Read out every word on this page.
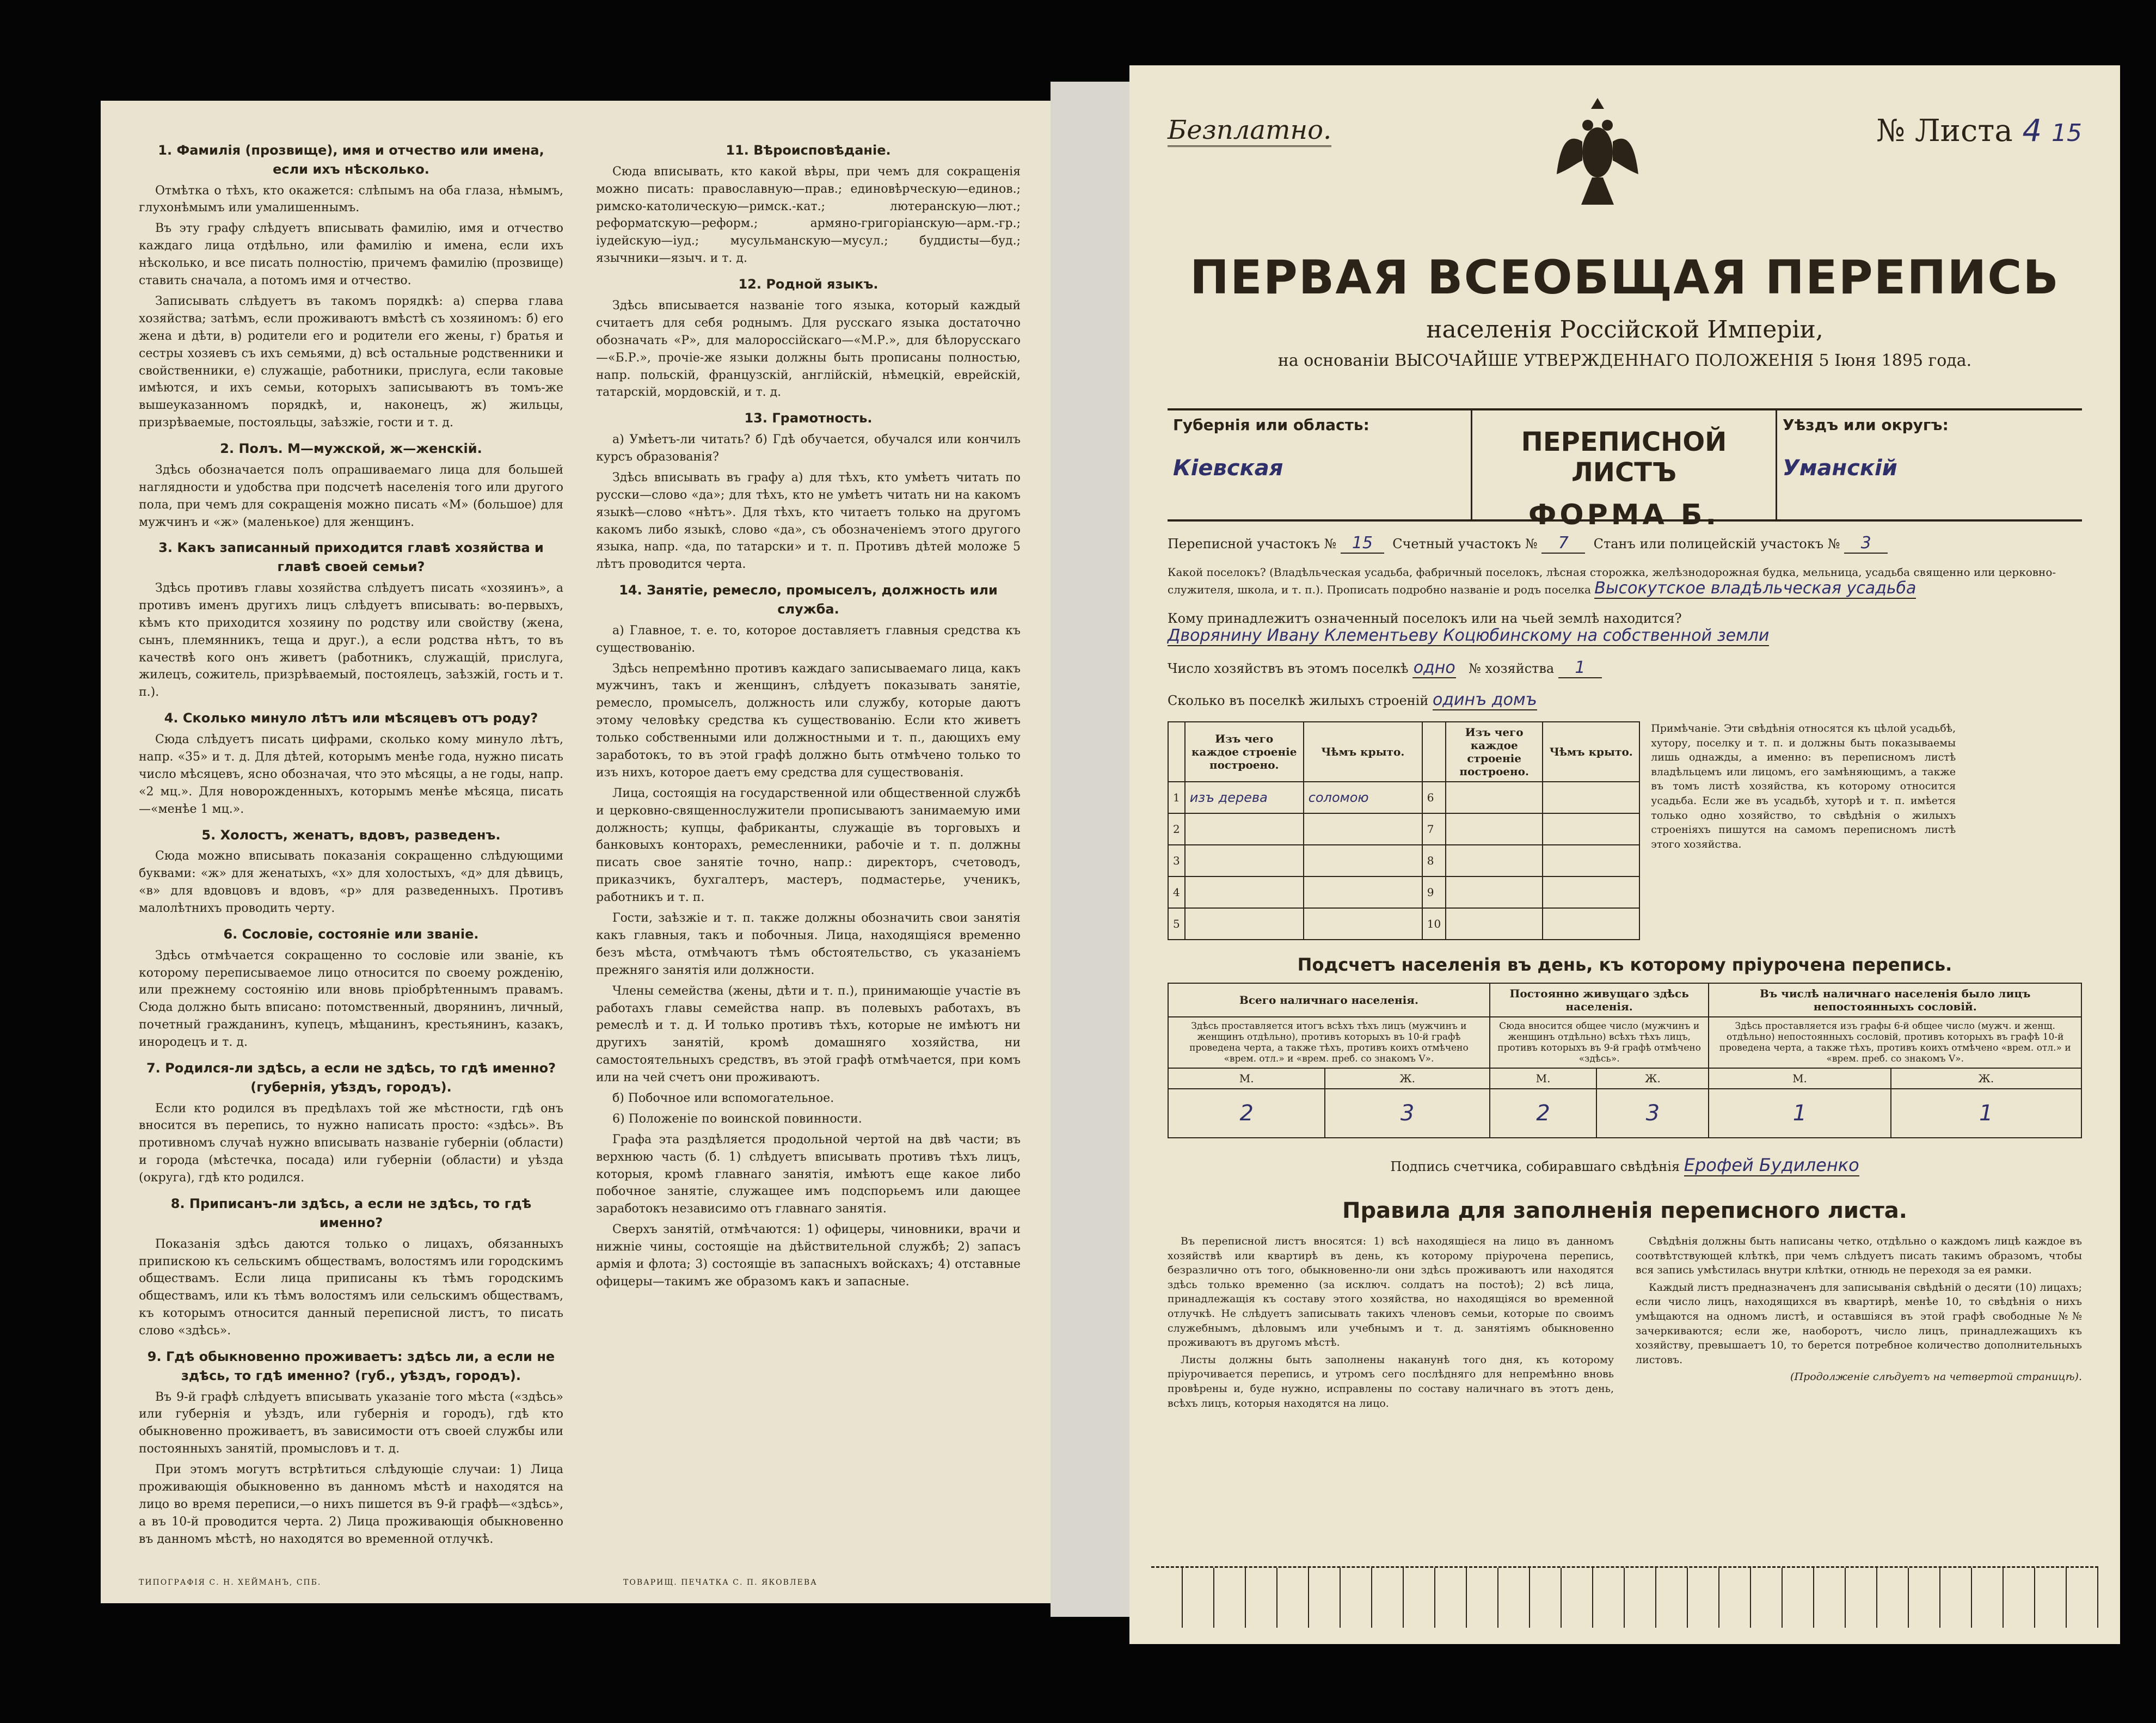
1. Фамилія (прозвище), имя и отчество или имена, если ихъ нѣсколько.

Отмѣтка о тѣхъ, кто окажется: слѣпымъ на оба глаза, нѣмымъ, глухонѣмымъ или умалишеннымъ.

Въ эту графу слѣдуетъ вписывать фамилію, имя и отчество каждаго лица отдѣльно, или фамилію и имена, если ихъ нѣсколько, и все писать полностію, причемъ фамилію (прозвище) ставить сначала, а потомъ имя и отчество.

Записывать слѣдуетъ въ такомъ порядкѣ: а) сперва глава хозяйства; затѣмъ, если проживаютъ вмѣстѣ съ хозяиномъ: б) его жена и дѣти, в) родители его и родители его жены, г) братья и сестры хозяевъ съ ихъ семьями, д) всѣ остальные родственники и свойственники, е) служащіе, работники, прислуга, если таковые имѣются, и ихъ семьи, которыхъ записываютъ въ томъ-же вышеуказанномъ порядкѣ, и, наконецъ, ж) жильцы, призрѣваемые, постояльцы, заѣзжіе, гости и т. д.

2. Полъ. М—мужской, ж—женскій.

Здѣсь обозначается полъ опрашиваемаго лица для большей наглядности и удобства при подсчетѣ населенія того или другого пола, при чемъ для сокращенія можно писать «М» (большое) для мужчинъ и «ж» (маленькое) для женщинъ.

3. Какъ записанный приходится главѣ хозяйства и главѣ своей семьи?

Здѣсь противъ главы хозяйства слѣдуетъ писать «хозяинъ», а противъ именъ другихъ лицъ слѣдуетъ вписывать: во-первыхъ, кѣмъ кто приходится хозяину по родству или свойству (жена, сынъ, племянникъ, теща и друг.), а если родства нѣтъ, то въ качествѣ кого онъ живетъ (работникъ, служащій, прислуга, жилецъ, сожитель, призрѣваемый, постоялецъ, заѣзжій, гость и т. п.).

4. Сколько минуло лѣтъ или мѣсяцевъ отъ роду?

Сюда слѣдуетъ писать цифрами, сколько кому минуло лѣтъ, напр. «35» и т. д. Для дѣтей, которымъ менѣе года, нужно писать число мѣсяцевъ, ясно обозначая, что это мѣсяцы, а не годы, напр. «2 мц.». Для новорожденныхъ, которымъ менѣе мѣсяца, писать—«менѣе 1 мц.».

5. Холостъ, женатъ, вдовъ, разведенъ.

Сюда можно вписывать показанія сокращенно слѣдующими буквами: «ж» для женатыхъ, «х» для холостыхъ, «д» для дѣвицъ, «в» для вдовцовъ и вдовъ, «р» для разведенныхъ. Противъ малолѣтнихъ проводить черту.

6. Сословіе, состояніе или званіе.

Здѣсь отмѣчается сокращенно то сословіе или званіе, къ которому переписываемое лицо относится по своему рожденію, или прежнему состоянію или вновь пріобрѣтеннымъ правамъ. Сюда должно быть вписано: потомственный, дворянинъ, личный, почетный гражданинъ, купецъ, мѣщанинъ, крестьянинъ, казакъ, инородецъ и т. д.

7. Родился-ли здѣсь, а если не здѣсь, то гдѣ именно? (губернія, уѣздъ, городъ).

Если кто родился въ предѣлахъ той же мѣстности, гдѣ онъ вносится въ перепись, то нужно написать просто: «здѣсь». Въ противномъ случаѣ нужно вписывать названіе губерніи (области) и города (мѣстечка, посада) или губерніи (области) и уѣзда (округа), гдѣ кто родился.

8. Приписанъ-ли здѣсь, а если не здѣсь, то гдѣ именно?

Показанія здѣсь даются только о лицахъ, обязанныхъ припискою къ сельскимъ обществамъ, волостямъ или городскимъ обществамъ. Если лица приписаны къ тѣмъ городскимъ обществамъ, или къ тѣмъ волостямъ или сельскимъ обществамъ, къ которымъ относится данный переписной листъ, то писать слово «здѣсь».

9. Гдѣ обыкновенно проживаетъ: здѣсь ли, а если не здѣсь, то гдѣ именно? (губ., уѣздъ, городъ).

Въ 9-й графѣ слѣдуетъ вписывать указаніе того мѣста («здѣсь» или губернія и уѣздъ, или губернія и городъ), гдѣ кто обыкновенно проживаетъ, въ зависимости отъ своей службы или постоянныхъ занятій, промысловъ и т. д.

При этомъ могутъ встрѣтиться слѣдующіе случаи: 1) Лица проживающія обыкновенно въ данномъ мѣстѣ и находятся на лицо во время переписи,—о нихъ пишется въ 9-й графѣ—«здѣсь», а въ 10-й проводится черта. 2) Лица проживающія обыкновенно въ данномъ мѣстѣ, но находятся во временной отлучкѣ.

11. Вѣроисповѣданіе.

Сюда вписывать, кто какой вѣры, при чемъ для сокращенія можно писать: православную—прав.; единовѣрческую—единов.; римско-католическую—римск.-кат.; лютеранскую—лют.; реформатскую—реформ.; армяно-григоріанскую—арм.-гр.; іудейскую—іуд.; мусульманскую—мусул.; буддисты—буд.; язычники—языч. и т. д.

12. Родной языкъ.

Здѣсь вписывается названіе того языка, который каждый считаетъ для себя роднымъ. Для русскаго языка достаточно обозначать «Р», для малороссійскаго—«М.Р.», для бѣлорусскаго—«Б.Р.», прочіе-же языки должны быть прописаны полностью, напр. польскій, французскій, англійскій, нѣмецкій, еврейскій, татарскій, мордовскій, и т. д.

13. Грамотность.

а) Умѣетъ-ли читать? б) Гдѣ обучается, обучался или кончилъ курсъ образованія?

Здѣсь вписывать въ графу а) для тѣхъ, кто умѣетъ читать по русски—слово «да»; для тѣхъ, кто не умѣетъ читать ни на какомъ языкѣ—слово «нѣтъ». Для тѣхъ, кто читаетъ только на другомъ какомъ либо языкѣ, слово «да», съ обозначеніемъ этого другого языка, напр. «да, по татарски» и т. п. Противъ дѣтей моложе 5 лѣтъ проводится черта.

14. Занятіе, ремесло, промыселъ, должность или служба.

а) Главное, т. е. то, которое доставляетъ главныя средства къ существованію.

Здѣсь непремѣнно противъ каждаго записываемаго лица, какъ мужчинъ, такъ и женщинъ, слѣдуетъ показывать занятіе, ремесло, промыселъ, должность или службу, которые даютъ этому человѣку средства къ существованію. Если кто живетъ только собственными или должностными и т. п., дающихъ ему заработокъ, то въ этой графѣ должно быть отмѣчено только то изъ нихъ, которое даетъ ему средства для существованія.

Лица, состоящія на государственной или общественной службѣ и церковно-священнослужители прописываютъ занимаемую ими должность; купцы, фабриканты, служащіе въ торговыхъ и банковыхъ конторахъ, ремесленники, рабочіе и т. п. должны писать свое занятіе точно, напр.: директоръ, счетоводъ, приказчикъ, бухгалтеръ, мастеръ, подмастерье, ученикъ, работникъ и т. п.

Гости, заѣзжіе и т. п. также должны обозначить свои занятія какъ главныя, такъ и побочныя. Лица, находящіяся временно безъ мѣста, отмѣчаютъ тѣмъ обстоятельство, съ указаніемъ прежняго занятія или должности.

Члены семейства (жены, дѣти и т. п.), принимающіе участіе въ работахъ главы семейства напр. въ полевыхъ работахъ, въ ремеслѣ и т. д. И только противъ тѣхъ, которые не имѣютъ ни другихъ занятій, кромѣ домашняго хозяйства, ни самостоятельныхъ средствъ, въ этой графѣ отмѣчается, при комъ или на чей счетъ они проживаютъ.

б) Побочное или вспомогательное.

6) Положеніе по воинской повинности.

Графа эта раздѣляется продольной чертой на двѣ части; въ верхнюю часть (б. 1) слѣдуетъ вписывать противъ тѣхъ лицъ, которыя, кромѣ главнаго занятія, имѣютъ еще какое либо побочное занятіе, служащее имъ подспорьемъ или дающее заработокъ независимо отъ главнаго занятія.

Сверхъ занятій, отмѣчаются: 1) офицеры, чиновники, врачи и нижніе чины, состоящіе на дѣйствительной службѣ; 2) запасъ армія и флота; 3) состоящіе въ запасныхъ войскахъ; 4) отставные офицеры—такимъ же образомъ какъ и запасные.

ТИПОГРАФІЯ С. Н. ХЕЙМАНЪ, СПБ.	ТОВАРИЩ. ПЕЧАТКА С. П. ЯКОВЛЕВА
Безплатно.	№ Листа 4 15
ПЕРВАЯ ВСЕОБЩАЯ ПЕРЕПИСЬ
населенія Россійской Имперіи,
на основаніи ВЫСОЧАЙШЕ УТВЕРЖДЕННАГО ПОЛОЖЕНІЯ 5 Іюня 1895 года.
Губернія или область:
Кіевская
ПЕРЕПИСНОЙ ЛИСТЪ
ФОРМА Б.
Уѣздъ или округъ:
Уманскій
Переписной участокъ № 15 Счетный участокъ № 7 Станъ или полицейскій участокъ № 3
Какой поселокъ? (Владѣльческая усадьба, фабричный поселокъ, лѣсная сторожка, желѣзнодорожная будка, мельница, усадьба священно или церковно-служителя, школа, и т. п.). Прописать подробно названіе и родъ поселка Высокутское владѣльческая усадьба
Кому принадлежитъ означенный поселокъ или на чьей землѣ находится? Дворянину Ивану Клементьеву Коцюбинскому на собственной земли
Число хозяйствъ въ этомъ поселкѣ одно № хозяйства 1
Сколько въ поселкѣ жилыхъ строеній одинъ домъ
	Изъ чего каждое строеніе построено.	Чѣмъ крыто.		Изъ чего каждое строеніе построено.	Чѣмъ крыто.
1	изъ дерева	соломою	6		
2			7		
3			8		
4			9		
5			10		
Примѣчаніе. Эти свѣдѣнія относятся къ цѣлой усадьбѣ, хутору, поселку и т. п. и должны быть показываемы лишь однажды, а именно: въ переписномъ листѣ владѣльцемъ или лицомъ, его замѣняющимъ, а также въ томъ листѣ хозяйства, къ которому относится усадьба. Если же въ усадьбѣ, хуторѣ и т. п. имѣется только одно хозяйство, то свѣдѣнія о жилыхъ строеніяхъ пишутся на самомъ переписномъ листѣ этого хозяйства.
Подсчетъ населенія въ день, къ которому пріурочена перепись.
Всего наличнаго населенія.		Постоянно живущаго здѣсь населенія.		Въ числѣ наличнаго населенія было лицъ непостоянныхъ сословій.	
Здѣсь проставляется итогъ всѣхъ тѣхъ лицъ (мужчинъ и женщинъ отдѣльно), противъ которыхъ въ 10-й графѣ проведена черта, а также тѣхъ, противъ коихъ отмѣчено «врем. отл.» и «врем. преб. со знакомъ V».		Сюда вносится общее число (мужчинъ и женщинъ отдѣльно) всѣхъ тѣхъ лицъ, противъ которыхъ въ 9-й графѣ отмѣчено «здѣсь».		Здѣсь проставляется изъ графы 6-й общее число (мужч. и женщ. отдѣльно) непостоянныхъ сословій, противъ которыхъ въ графѣ 10-й проведена черта, а также тѣхъ, противъ коихъ отмѣчено «врем. отл.» и «врем. преб. со знакомъ V».	
М.	Ж.	М.	Ж.	М.	Ж.
2	3	2	3	1	1
Подпись счетчика, собиравшаго свѣдѣнія Ерофей Будиленко
Правила для заполненія переписного листа.

Въ переписной листъ вносятся: 1) всѣ находящіеся на лицо въ данномъ хозяйствѣ или квартирѣ въ день, къ которому пріурочена перепись, безразлично отъ того, обыкновенно-ли они здѣсь проживаютъ или находятся здѣсь только временно (за исключ. солдатъ на постоѣ); 2) всѣ лица, принадлежащія къ составу этого хозяйства, но находящіяся во временной отлучкѣ. Не слѣдуетъ записывать такихъ членовъ семьи, которые по своимъ служебнымъ, дѣловымъ или учебнымъ и т. д. занятіямъ обыкновенно проживаютъ въ другомъ мѣстѣ.

Листы должны быть заполнены наканунѣ того дня, къ которому пріурочивается перепись, и утромъ сего послѣдняго для непремѣнно вновь провѣрены и, буде нужно, исправлены по составу наличнаго въ этотъ день, всѣхъ лицъ, которыя находятся на лицо.

Свѣдѣнія должны быть написаны четко, отдѣльно о каждомъ лицѣ каждое въ соотвѣтствующей клѣткѣ, при чемъ слѣдуетъ писать такимъ образомъ, чтобы вся запись умѣстилась внутри клѣтки, отнюдь не переходя за ея рамки.

Каждый листъ предназначенъ для записыванія свѣдѣній о десяти (10) лицахъ; если число лицъ, находящихся въ квартирѣ, менѣе 10, то свѣдѣнія о нихъ умѣщаются на одномъ листѣ, и оставшіяся въ этой графѣ свободные №№ зачеркиваются; если же, наоборотъ, число лицъ, принадлежащихъ къ хозяйству, превышаетъ 10, то берется потребное количество дополнительныхъ листовъ.

(Продолженіе слѣдуетъ на четвертой страницѣ).
